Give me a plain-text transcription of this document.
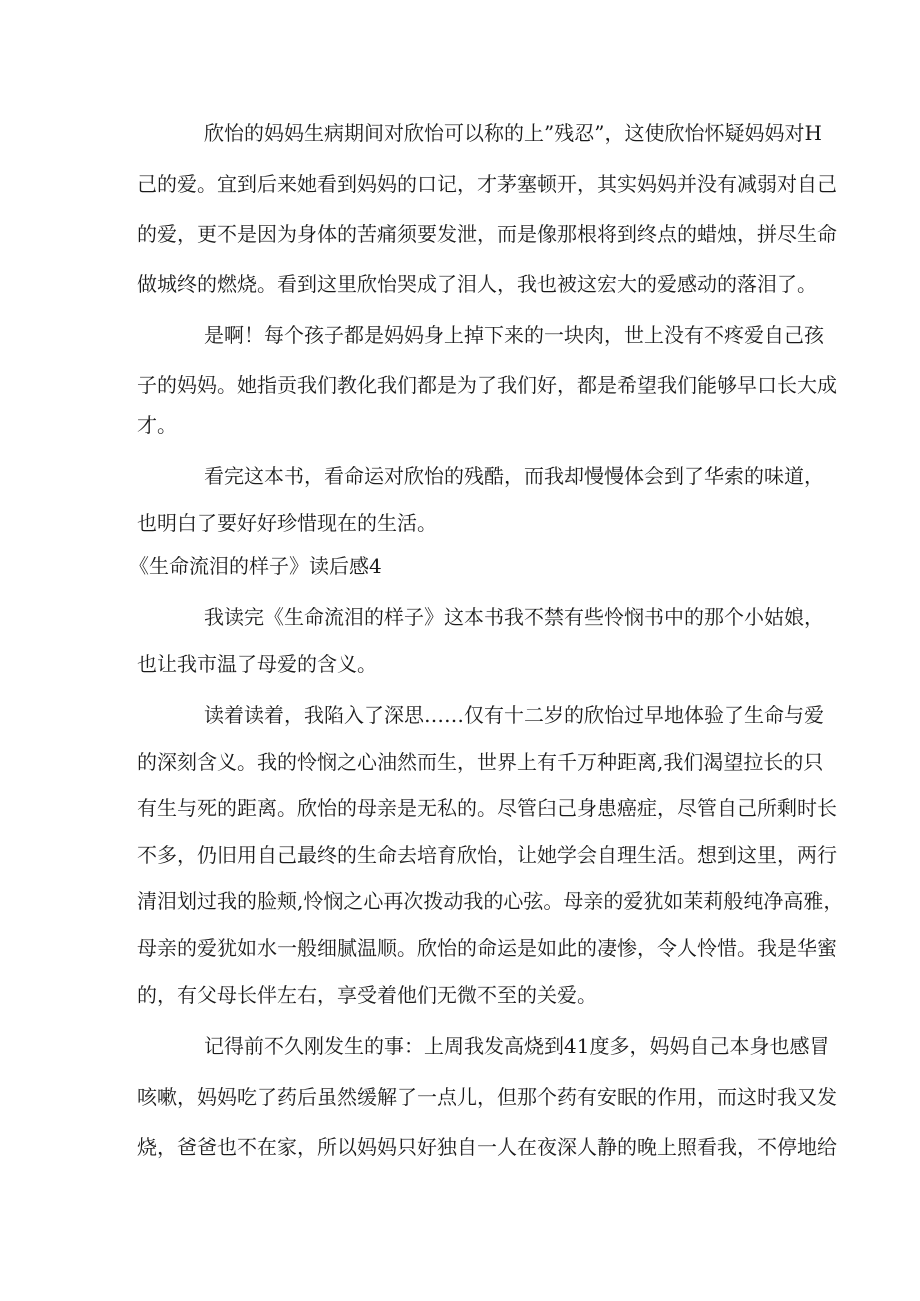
欣怡的妈妈生病期间对欣怡可以称的上”残忍”，这使欣怡怀疑妈妈对H

己的爱。宜到后来她看到妈妈的口记，才茅塞顿开，其实妈妈并没有减弱对自己

的爱，更不是因为身体的苦痛须要发泄，而是像那根将到终点的蜡烛，拼尽生命

做城终的燃烧。看到这里欣怡哭成了泪人，我也被这宏大的爱感动的落泪了。

是啊！每个孩子都是妈妈身上掉下来的一块肉，世上没有不疼爱自己孩

子的妈妈。她指贡我们教化我们都是为了我们好，都是希望我们能够早口长大成

才。

看完这本书，看命运对欣怡的残酷，而我却慢慢体会到了华索的味道，

也明白了要好好珍惜现在的生活。

《生命流泪的样子》读后感4

我读完《生命流泪的样子》这本书我不禁有些怜悯书中的那个小姑娘，

也让我市温了母爱的含义。

读着读着，我陷入了深思……仅有十二岁的欣怡过早地体验了生命与爱

的深刻含义。我的怜悯之心油然而生，世界上有千万种距离,我们渴望拉长的只

有生与死的距离。欣怡的母亲是无私的。尽管臼己身患癌症，尽管自己所剩时长

不多，仍旧用自己最终的生命去培育欣怡，让她学会自理生活。想到这里，两行

清泪划过我的脸颊,怜悯之心再次拨动我的心弦。母亲的爱犹如茉莉般纯净高雅，

母亲的爱犹如水一般细腻温顺。欣怡的命运是如此的凄惨，令人怜惜。我是华蜜

的，有父母长伴左右，享受着他们无微不至的关爱。

记得前不久刚发生的事：上周我发高烧到41度多，妈妈自己本身也感冒

咳嗽，妈妈吃了药后虽然缓解了一点儿，但那个药有安眠的作用，而这时我又发

烧，爸爸也不在家，所以妈妈只好独自一人在夜深人静的晚上照看我，不停地给
